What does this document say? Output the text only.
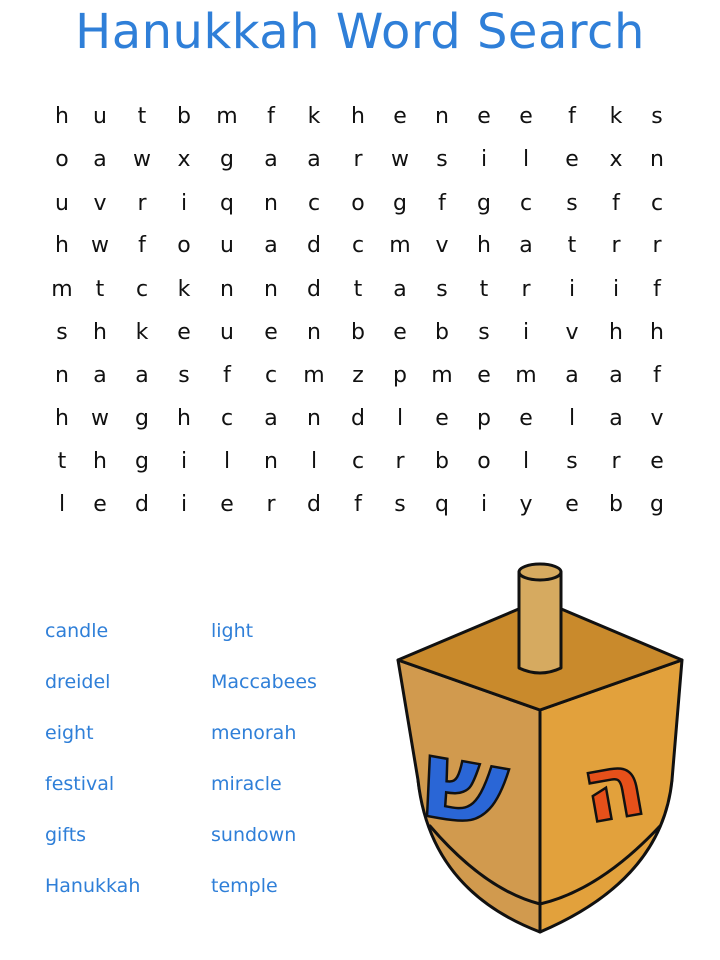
Hanukkah Word Search
h	u	t	b	m	f	k	h	e	n	e	e	f	k	s
o	a	w	x	g	a	a	r	w	s	i	l	e	x	n
u	v	r	i	q	n	c	o	g	f	g	c	s	f	c
h	w	f	o	u	a	d	c	m	v	h	a	t	r	r
m	t	c	k	n	n	d	t	a	s	t	r	i	i	f
s	h	k	e	u	e	n	b	e	b	s	i	v	h	h
n	a	a	s	f	c	m	z	p	m	e	m	a	a	f
h	w	g	h	c	a	n	d	l	e	p	e	l	a	v
t	h	g	i	l	n	l	c	r	b	o	l	s	r	e
l	e	d	i	e	r	d	f	s	q	i	y	e	b	g
candle
dreidel
eight
festival
gifts
Hanukkah
light
Maccabees
menorah
miracle
sundown
temple
ש ה
